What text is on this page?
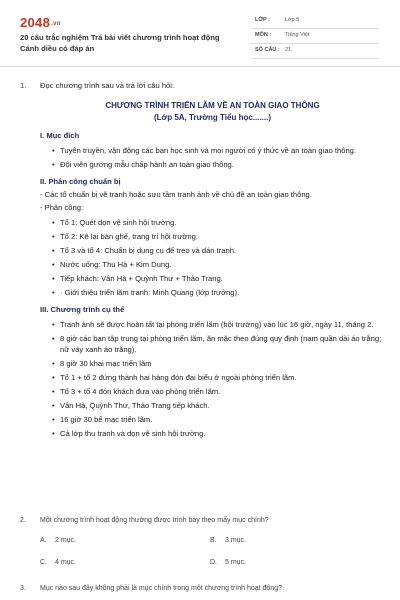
2048.vn
20 câu trắc nghiệm Trả bài viết chương trình hoạt động Cánh diều có đáp án
LỚP :	Lớp 5
MÔN :	Tiếng Việt
SỐ CÂU : 21
1. Đọc chương trình sau và trả lời câu hỏi:
CHƯƠNG TRÌNH TRIỂN LÃM VỀ AN TOÀN GIAO THÔNG
(Lớp 5A, Trường Tiểu học.......)
I. Mục đích
• Tuyên truyền, vận động các bạn học sinh và mọi người có ý thức về an toàn giao thông.
• Đội viên gương mẫu chấp hành an toàn giao thông.
II. Phân công chuẩn bị
- Các tổ chuẩn bị vẽ tranh hoặc sưu tầm tranh ảnh về chủ đề an toàn giao thông.
- Phân công:
• Tổ 1: Quét dọn vệ sinh hội trường.
• Tổ 2: Kê lại bàn ghế, trang trí hội trường.
• Tổ 3 và tổ 4: Chuẩn bị dụng cụ để treo và dán tranh.
• Nước uống: Thu Hà + Kim Dung.
• Tiếp khách: Vân Hà + Quỳnh Thư + Thảo Trang.
• · Giới thiệu triển lãm tranh: Minh Quang (lớp trưởng).
III. Chương trình cụ thể
• Tranh ảnh sẽ được hoàn tất tại phòng triển lãm (hội trường) vào lúc 16 giờ, ngày 11, tháng 2.
• 8 giờ các bạn tập trung tại phòng triển lãm, ăn mặc theo đúng quy định (nam quần dài áo trắng; nữ váy xanh áo trắng).
• 8 giờ 30 khai mạc triển lãm
• Tổ 1 + tổ 2 đứng thành hai hàng đón đại biểu ở ngoài phòng triển lãm.
• Tổ 3 + tổ 4 đón khách đưa vào phòng triển lãm.
• Vân Hà, Quỳnh Thư, Thảo Trang tiếp khách.
• 16 giờ 30 bế mạc triển lãm.
• Cả lớp thu tranh và dọn vệ sinh hội trường.
2. Một chương trình hoạt động thường được trình bày theo mấy mục chính?
A. 2 mục.	B. 3 mục.
C. 4 mục.	D. 5 mục.
3. Mục nào sau đây không phải là mục chính trong một chương trình hoạt động?
